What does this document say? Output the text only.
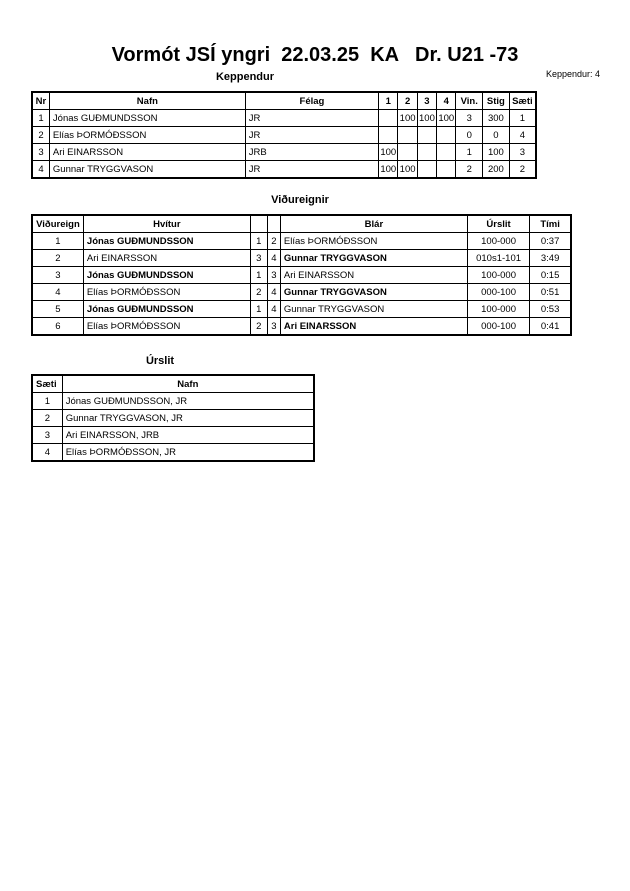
Vormót JSÍ yngri  22.03.25  KA   Dr. U21 -73
Keppendur: 4
Keppendur
Nr	Nafn	Félag	1	2	3	4	Vin.	Stig	Sæti
1	Jónas GUÐMUNDSSON	JR		100	100	100	3	300	1
2	Elías ÞORMÓÐSSON	JR					0	0	4
3	Ari EINARSSON	JRB	100				1	100	3
4	Gunnar TRYGGVASON	JR	100	100			2	200	2
Viðureignir
Viðureign	Hvítur			Blár	Úrslit	Tími
1	Jónas GUÐMUNDSSON	1	2	Elías ÞORMÓÐSSON	100-000	0:37
2	Ari EINARSSON	3	4	Gunnar TRYGGVASON	010s1-101	3:49
3	Jónas GUÐMUNDSSON	1	3	Ari EINARSSON	100-000	0:15
4	Elías ÞORMÓÐSSON	2	4	Gunnar TRYGGVASON	000-100	0:51
5	Jónas GUÐMUNDSSON	1	4	Gunnar TRYGGVASON	100-000	0:53
6	Elías ÞORMÓÐSSON	2	3	Ari EINARSSON	000-100	0:41
Úrslit
Sæti	Nafn
1	Jónas GUÐMUNDSSON, JR
2	Gunnar TRYGGVASON, JR
3	Ari EINARSSON, JRB
4	Elías ÞORMÓÐSSON, JR
